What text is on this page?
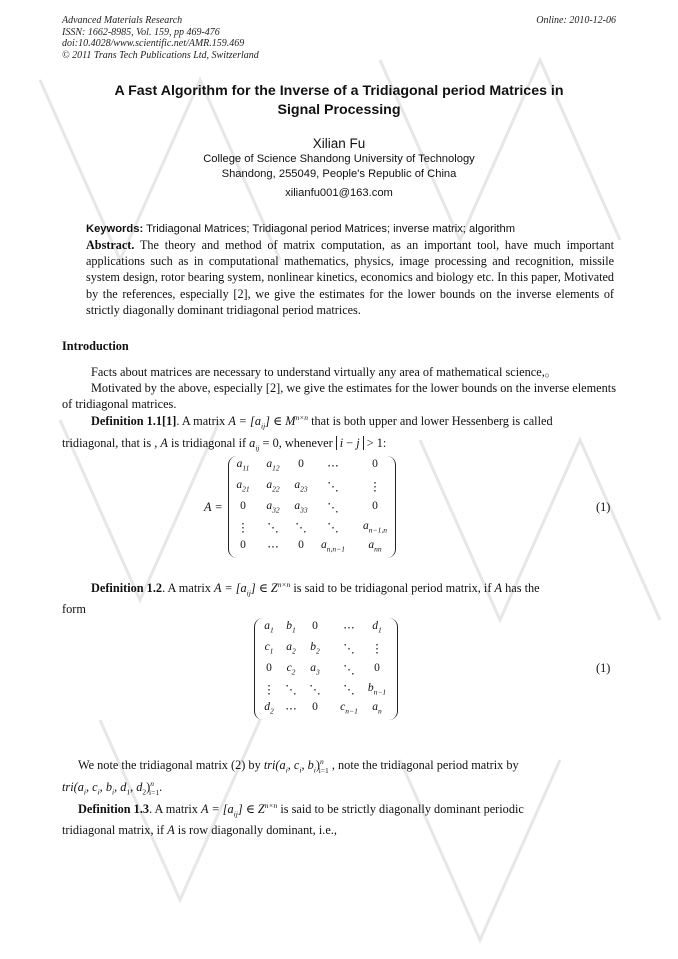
Advanced Materials Research
ISSN: 1662-8985, Vol. 159, pp 469-476
doi:10.4028/www.scientific.net/AMR.159.469
© 2011 Trans Tech Publications Ltd, Switzerland
Online: 2010-12-06
A Fast Algorithm for the Inverse of a Tridiagonal period Matrices in
Signal Processing
Xilian Fu
College of Science Shandong University of Technology
Shandong, 255049, People's Republic of China
xilianfu001@163.com
Keywords: Tridiagonal Matrices; Tridiagonal period Matrices; inverse matrix; algorithm
Abstract. The theory and method of matrix computation, as an important tool, have much important applications such as in computational mathematics, physics, image processing and recognition, missile system design, rotor bearing system, nonlinear kinetics, economics and biology etc. In this paper, Motivated by the references, especially [2], we give the estimates for the lower bounds on the inverse elements of strictly diagonally dominant tridiagonal period matrices.
Introduction
Facts about matrices are necessary to understand virtually any area of mathematical science,。
Motivated by the above, especially [2], we give the estimates for the lower bounds on the inverse elements of tridiagonal matrices.
Definition 1.1[1]. A matrix $A = [a_{ij}]$ ∈ $M^{n\times n}$ that is both upper and lower Hessenberg is called
tridiagonal, that is , A is tridiagonal if $a_{ij} = 0$, whenever i − j > 1:
A =
$a_{11}$ $a_{12}$ 0 ⋯	0
$a_{21}$ $a_{22}$ $a_{23}$ ⋱	⋮
0 $a_{32}$ $a_{33}$ ⋱	0
⋮ ⋱ ⋱ ⋱ $a_{n-1,n}$
0 ⋯ 0 $a_{n,n-1}$ $a_{nn}$
(1)
Definition 1.2. A matrix $A = [a_{ij}]$ ∈ $Z^{n\times n}$ is said to be tridiagonal period matrix, if A has the
form
$a_1$ $b_1$ 0 ⋯ $d_1$
$c_1$ $a_2$ $b_2$ ⋱ ⋮
0 $c_2$ $a_3$ ⋱ 0
⋮ ⋱ ⋱ ⋱ $b_{n-1}$
$d_2$ ⋯ 0 $c_{n-1}$ $a_n$
(1)
We note the tridiagonal matrix (2) by $tri(a_i$, $c_i$, $b_i)^n_{i=1}$ , note the tridiagonal period matrix by
$tri(a_i$, $c_i$, $b_i$, $d_1$, $d_2)^n_{i=1}$.
Definition 1.3. A matrix $A = [a_{ij}]$ ∈ $Z^{n\times n}$ is said to be strictly diagonally dominant periodic
tridiagonal matrix, if A is row diagonally dominant, i.e.,
